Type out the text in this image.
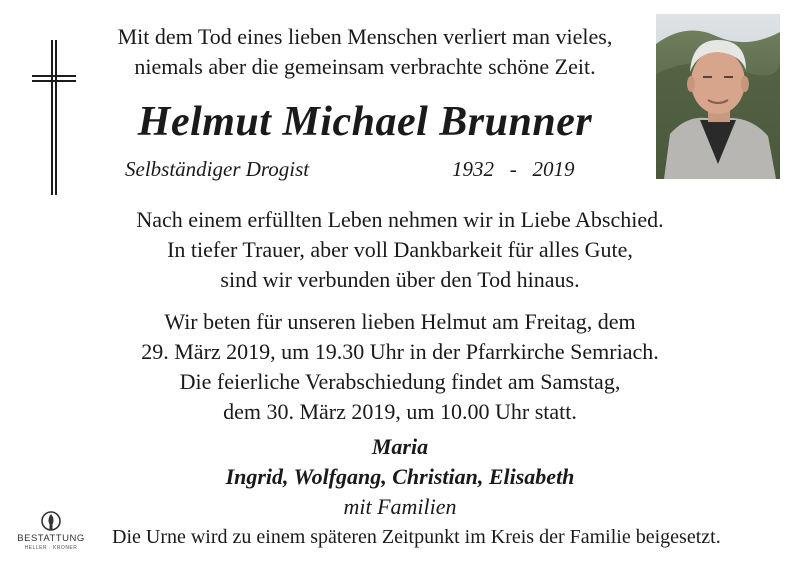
Mit dem Tod eines lieben Menschen verliert man vieles,
niemals aber die gemeinsam verbrachte schöne Zeit.
Helmut Michael Brunner
Selbständiger Drogist	1932   -   2019
Nach einem erfüllten Leben nehmen wir in Liebe Abschied.
In tiefer Trauer, aber voll Dankbarkeit für alles Gute,
sind wir verbunden über den Tod hinaus.
Wir beten für unseren lieben Helmut am Freitag, dem
29. März 2019, um 19.30 Uhr in der Pfarrkirche Semriach.
Die feierliche Verabschiedung findet am Samstag,
dem 30. März 2019, um 10.00 Uhr statt.
Maria
Ingrid, Wolfgang, Christian, Elisabeth
mit Familien
BESTATTUNG
HELLER · KRONER	Die Urne wird zu einem späteren Zeitpunkt im Kreis der Familie beigesetzt.
